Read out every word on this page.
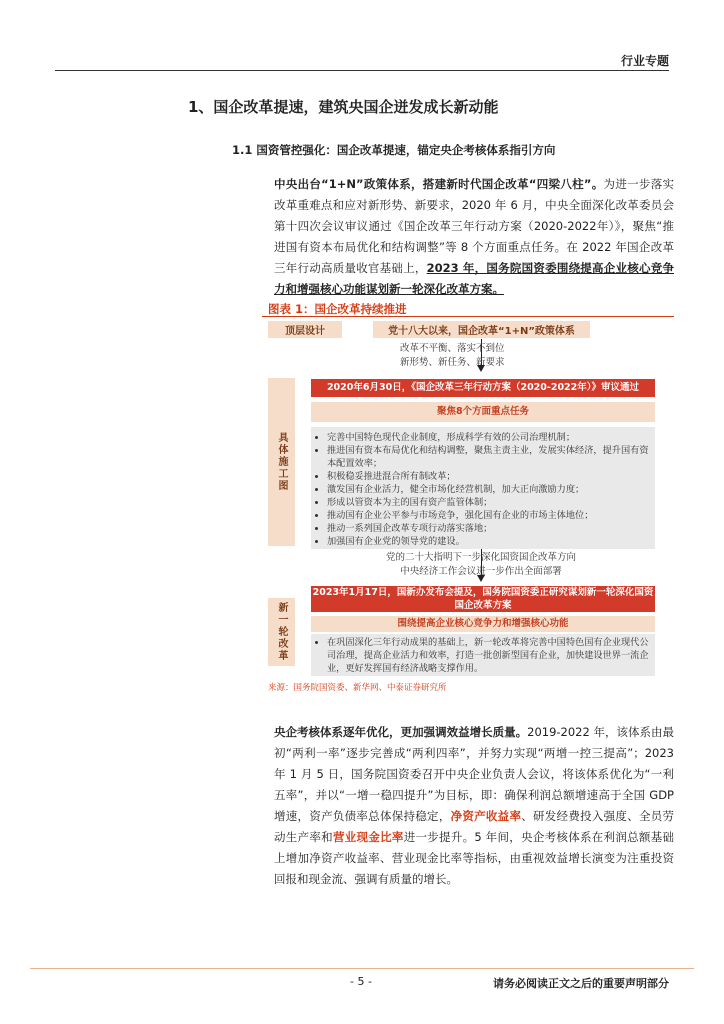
行业专题
1、国企改革提速，建筑央国企迸发成长新动能
1.1 国资管控强化：国企改革提速，锚定央企考核体系指引方向
中央出台“1+N”政策体系，搭建新时代国企改革“四梁八柱”。为进一步落实改革重难点和应对新形势、新要求，2020 年 6 月，中央全面深化改革委员会第十四次会议审议通过《国企改革三年行动方案（2020-2022年）》，聚焦“推进国有资本布局优化和结构调整”等 8 个方面重点任务。在 2022 年国企改革三年行动高质量收官基础上，2023 年，国务院国资委围绕提高企业核心竞争力和增强核心功能谋划新一轮深化改革方案。
图表 1：国企改革持续推进
顶层设计	党十八大以来，国企改革“1+N”政策体系
改革不平衡、落实不到位
新形势、新任务、新要求
具体施工图
2020年6月30日，《国企改革三年行动方案（2020-2022年）》审议通过
聚焦8个方面重点任务
• 完善中国特色现代企业制度，形成科学有效的公司治理机制；
• 推进国有资本布局优化和结构调整，聚焦主责主业，发展实体经济，提升国有资本配置效率；
• 积极稳妥推进混合所有制改革；
• 激发国有企业活力，健全市场化经营机制，加大正向激励力度；
• 形成以管资本为主的国有资产监管体制；
• 推动国有企业公平参与市场竞争，强化国有企业的市场主体地位；
• 推动一系列国企改革专项行动落实落地；
• 加强国有企业党的领导党的建设。
党的二十大指明下一步深化国资国企改革方向
中央经济工作会议进一步作出全面部署
新一轮改革
2023年1月17日，国新办发布会提及，国务院国资委正研究谋划新一轮深化国资国企改革方案
围绕提高企业核心竞争力和增强核心功能
• 在巩固深化三年行动成果的基础上，新一轮改革将完善中国特色国有企业现代公司治理，提高企业活力和效率，打造一批创新型国有企业，加快建设世界一流企业，更好发挥国有经济战略支撑作用。
来源：国务院国资委、新华网、中泰证券研究所
央企考核体系逐年优化，更加强调效益增长质量。2019-2022 年，该体系由最初“两利一率”逐步完善成“两利四率”，并努力实现“两增一控三提高”；2023 年 1 月 5 日，国务院国资委召开中央企业负责人会议，将该体系优化为“一利五率”，并以“一增一稳四提升”为目标，即：确保利润总额增速高于全国 GDP 增速，资产负债率总体保持稳定，净资产收益率、研发经费投入强度、全员劳动生产率和营业现金比率进一步提升。5 年间，央企考核体系在利润总额基础上增加净资产收益率、营业现金比率等指标，由重视效益增长演变为注重投资回报和现金流、强调有质量的增长。
- 5 -	请务必阅读正文之后的重要声明部分
